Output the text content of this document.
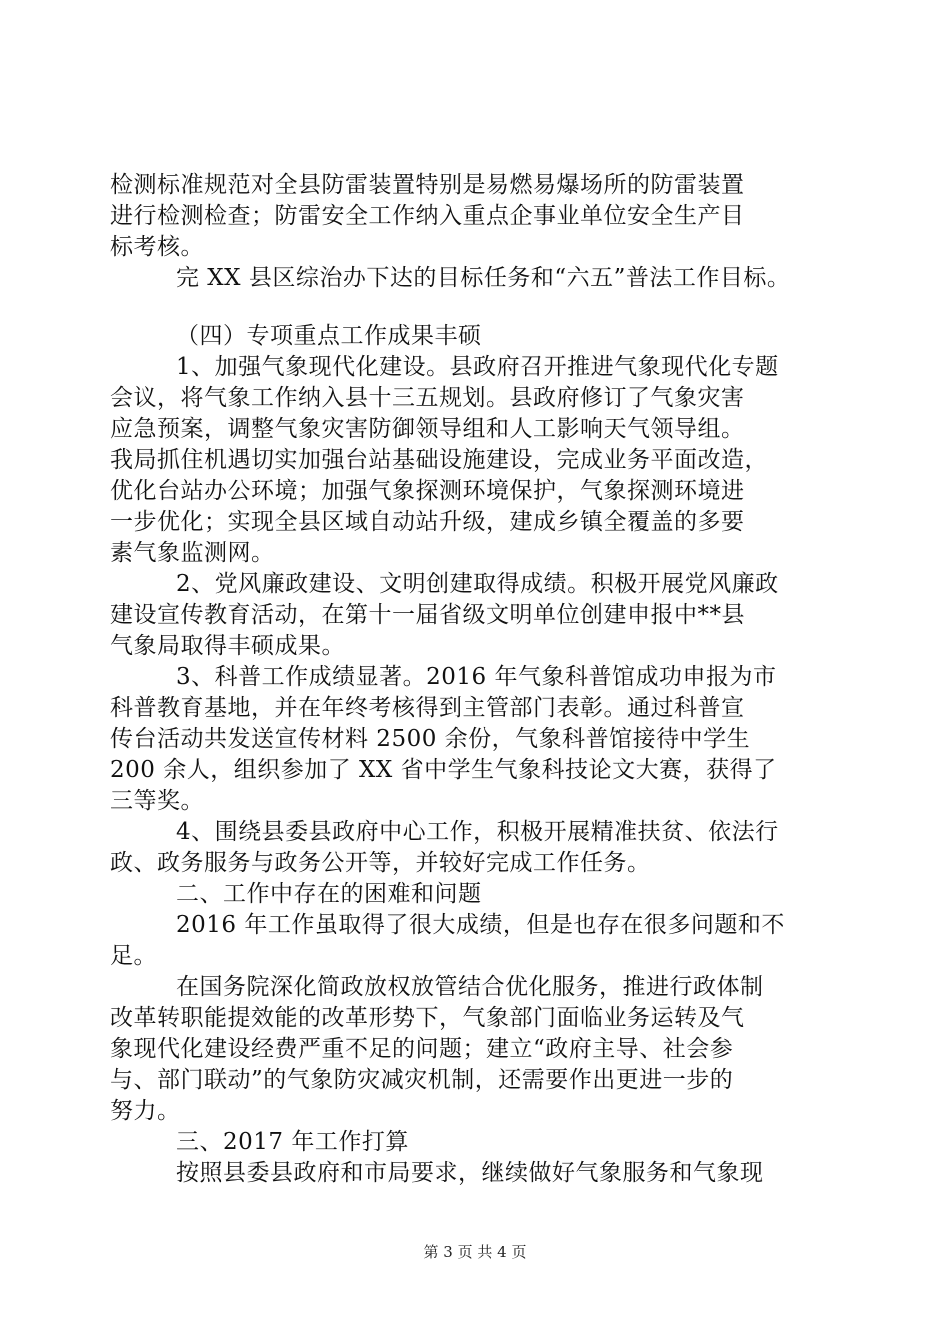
检测标准规范对全县防雷装置特别是易燃易爆场所的防雷装置
进行检测检查；防雷安全工作纳入重点企事业单位安全生产目
标考核。
完 XX 县区综治办下达的目标任务和“六五”普法工作目标。
（四）专项重点工作成果丰硕
1、加强气象现代化建设。县政府召开推进气象现代化专题
会议，将气象工作纳入县十三五规划。县政府修订了气象灾害
应急预案，调整气象灾害防御领导组和人工影响天气领导组。
我局抓住机遇切实加强台站基础设施建设，完成业务平面改造，
优化台站办公环境；加强气象探测环境保护，气象探测环境进
一步优化；实现全县区域自动站升级，建成乡镇全覆盖的多要
素气象监测网。
2、党风廉政建设、文明创建取得成绩。积极开展党风廉政
建设宣传教育活动，在第十一届省级文明单位创建申报中**县
气象局取得丰硕成果。
3、科普工作成绩显著。2016 年气象科普馆成功申报为市
科普教育基地，并在年终考核得到主管部门表彰。通过科普宣
传台活动共发送宣传材料 2500 余份，气象科普馆接待中学生
200 余人，组织参加了 XX 省中学生气象科技论文大赛，获得了
三等奖。
4、围绕县委县政府中心工作，积极开展精准扶贫、依法行
政、政务服务与政务公开等，并较好完成工作任务。
二、工作中存在的困难和问题
2016 年工作虽取得了很大成绩，但是也存在很多问题和不
足。
在国务院深化简政放权放管结合优化服务，推进行政体制
改革转职能提效能的改革形势下，气象部门面临业务运转及气
象现代化建设经费严重不足的问题；建立“政府主导、社会参
与、部门联动”的气象防灾减灾机制，还需要作出更进一步的
努力。
三、2017 年工作打算
按照县委县政府和市局要求，继续做好气象服务和气象现
第 3 页 共 4 页
